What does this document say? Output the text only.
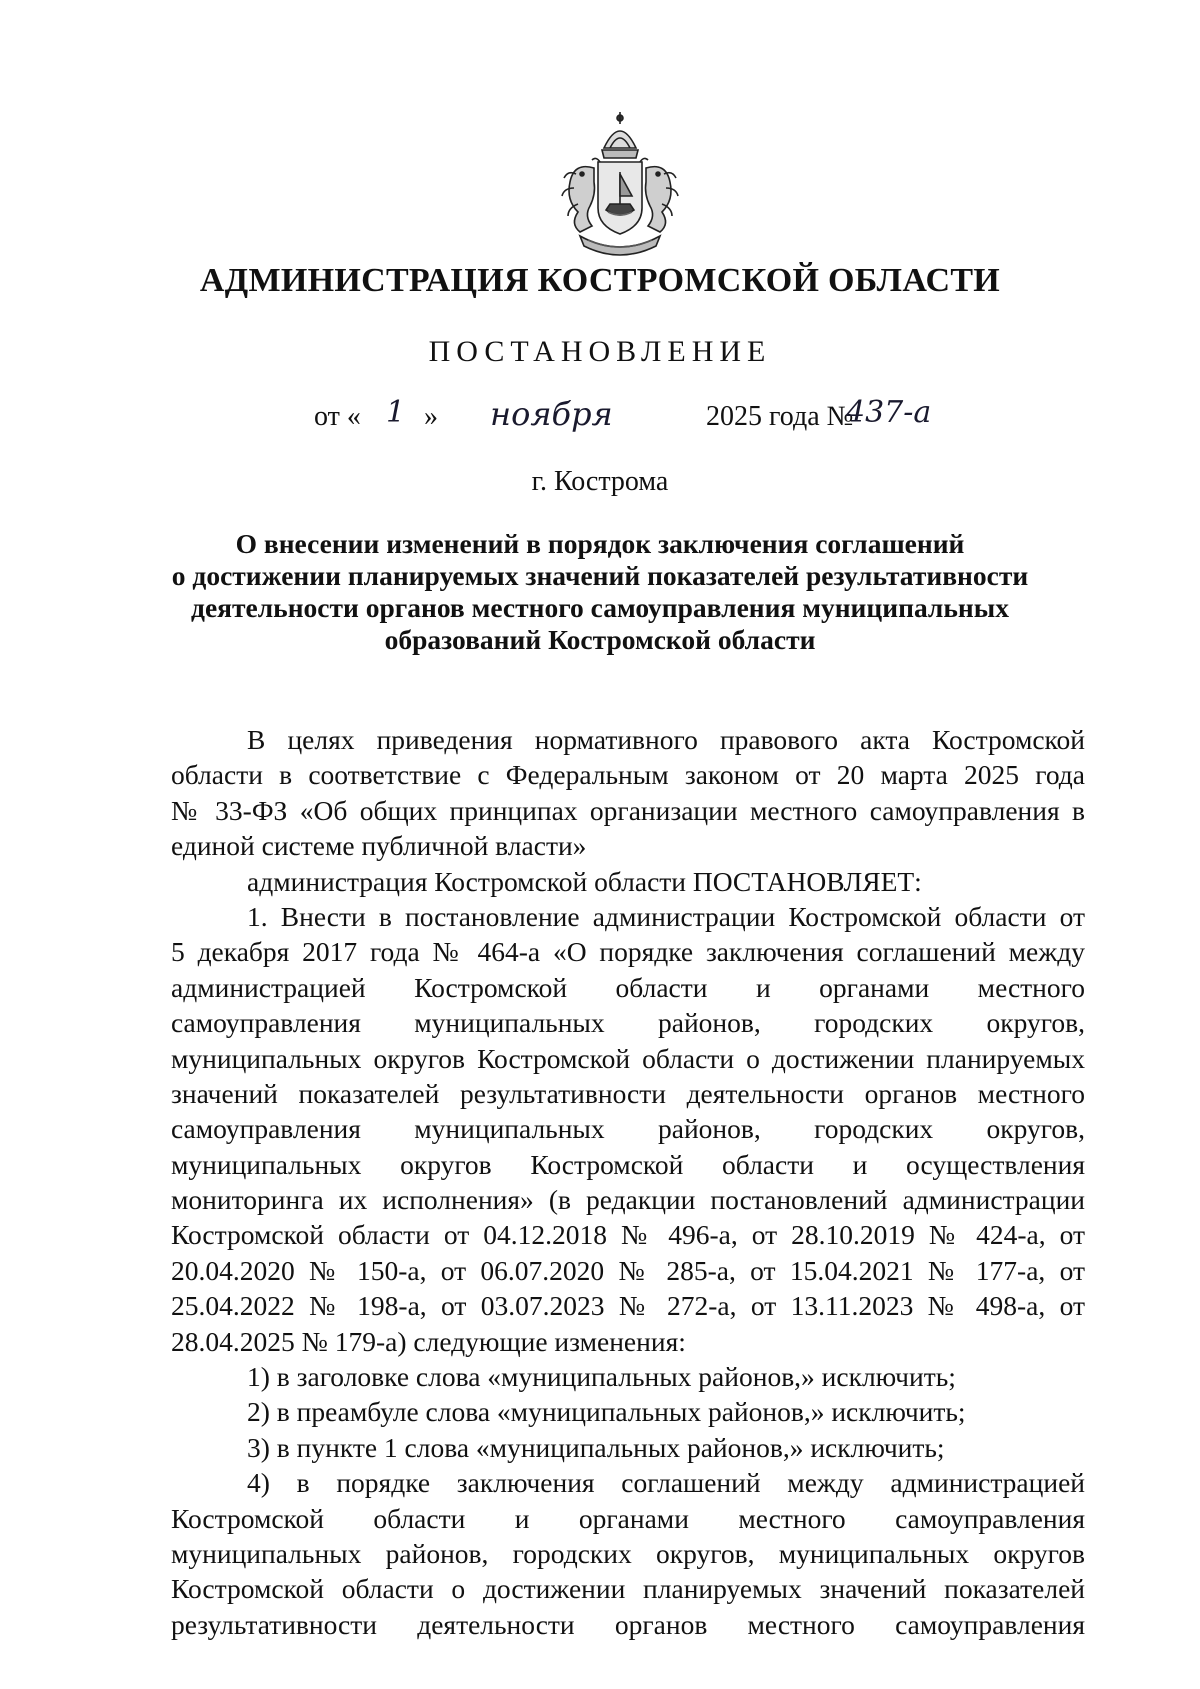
АДМИНИСТРАЦИЯ КОСТРОМСКОЙ ОБЛАСТИ
ПОСТАНОВЛЕНИЕ
от « 1 » ноября	2025 года №
437-а
г. Кострома
О внесении изменений в порядок заключения соглашений
о достижении планируемых значений показателей результативности
деятельности органов местного самоуправления муниципальных
образований Костромской области
В целях приведения нормативного правового акта Костромской
области в соответствие с Федеральным законом от 20 марта 2025 года
№ 33-ФЗ «Об общих принципах организации местного самоуправления в
единой системе публичной власти»
администрация Костромской области ПОСТАНОВЛЯЕТ:
1. Внести в постановление администрации Костромской области от
5 декабря 2017 года № 464-а «О порядке заключения соглашений между
администрацией Костромской области и органами местного
самоуправления муниципальных районов, городских округов,
муниципальных округов Костромской области о достижении планируемых
значений показателей результативности деятельности органов местного
самоуправления муниципальных районов, городских округов,
муниципальных округов Костромской области и осуществления
мониторинга их исполнения» (в редакции постановлений администрации
Костромской области от 04.12.2018 № 496-а, от 28.10.2019 № 424-а, от
20.04.2020 № 150-а, от 06.07.2020 № 285-а, от 15.04.2021 № 177-а, от
25.04.2022 № 198-а, от 03.07.2023 № 272-а, от 13.11.2023 № 498-а, от
28.04.2025 № 179-а) следующие изменения:
1) в заголовке слова «муниципальных районов,» исключить;
2) в преамбуле слова «муниципальных районов,» исключить;
3) в пункте 1 слова «муниципальных районов,» исключить;
4) в порядке заключения соглашений между администрацией
Костромской области и органами местного самоуправления
муниципальных районов, городских округов, муниципальных округов
Костромской области о достижении планируемых значений показателей
результативности деятельности органов местного самоуправления
